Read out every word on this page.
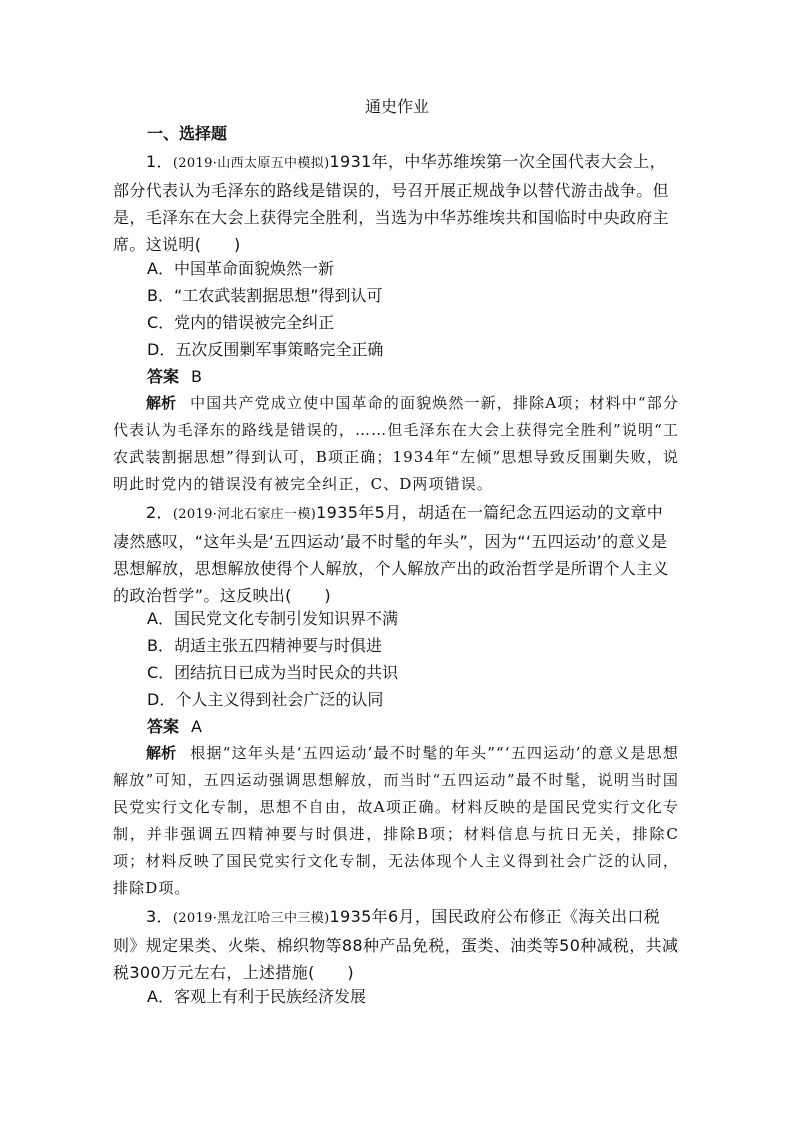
通史作业
一、选择题
1．(2019·山西太原五中模拟)1931年，中华苏维埃第一次全国代表大会上，部分代表认为毛泽东的路线是错误的，号召开展正规战争以替代游击战争。但是，毛泽东在大会上获得完全胜利，当选为中华苏维埃共和国临时中央政府主席。这说明(　　)
A．中国革命面貌焕然一新
B．“工农武装割据思想”得到认可
C．党内的错误被完全纠正
D．五次反围剿军事策略完全正确
答案 B
解析 中国共产党成立使中国革命的面貌焕然一新，排除A项；材料中“部分代表认为毛泽东的路线是错误的，……但毛泽东在大会上获得完全胜利”说明“工农武装割据思想”得到认可，B项正确；1934年“左倾”思想导致反围剿失败，说明此时党内的错误没有被完全纠正，C、D两项错误。
2．(2019·河北石家庄一模)1935年5月，胡适在一篇纪念五四运动的文章中凄然感叹，“这年头是‘五四运动’最不时髦的年头”，因为“‘五四运动’的意义是思想解放，思想解放使得个人解放，个人解放产出的政治哲学是所谓个人主义的政治哲学”。这反映出(　　)
A．国民党文化专制引发知识界不满
B．胡适主张五四精神要与时俱进
C．团结抗日已成为当时民众的共识
D．个人主义得到社会广泛的认同
答案 A
解析 根据“这年头是‘五四运动’最不时髦的年头”“‘五四运动’的意义是思想解放”可知，五四运动强调思想解放，而当时“五四运动”最不时髦，说明当时国民党实行文化专制，思想不自由，故A项正确。材料反映的是国民党实行文化专制，并非强调五四精神要与时俱进，排除B项；材料信息与抗日无关，排除C项；材料反映了国民党实行文化专制，无法体现个人主义得到社会广泛的认同，排除D项。
3．(2019·黑龙江哈三中三模)1935年6月，国民政府公布修正《海关出口税则》规定果类、火柴、棉织物等88种产品免税，蛋类、油类等50种减税，共减税300万元左右，上述措施(　　)
A．客观上有利于民族经济发展
